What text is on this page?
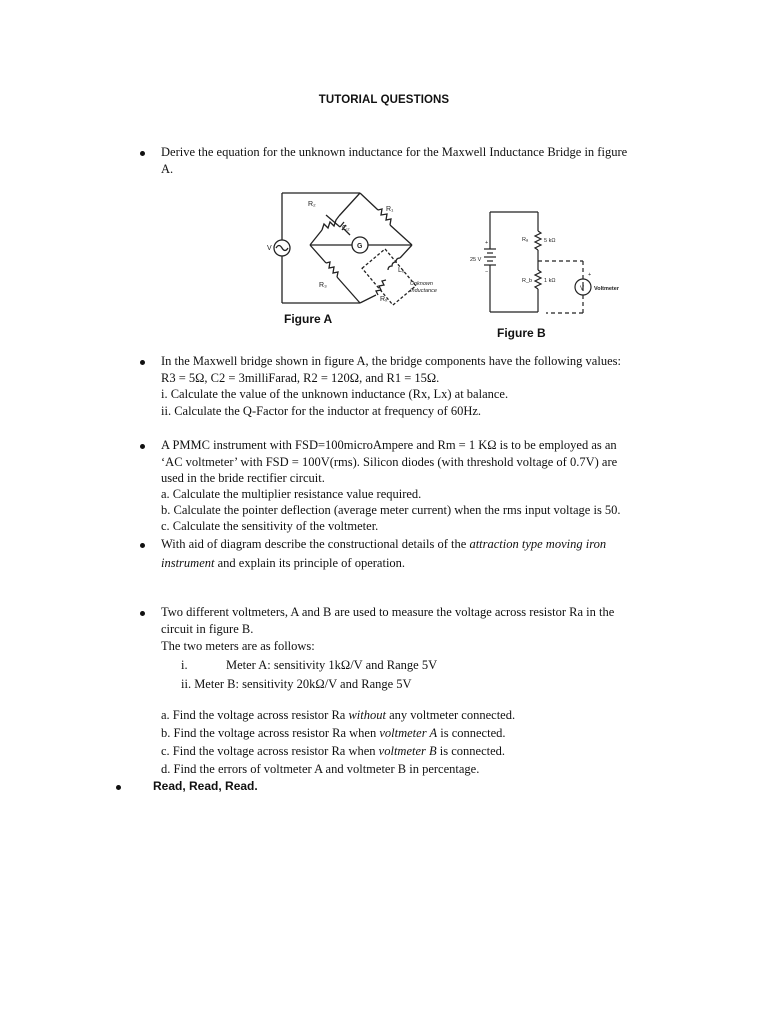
TUTORIAL QUESTIONS
Derive the equation for the unknown inductance for the Maxwell Inductance Bridge in figure
A.
R₂
R₁
C₂
G
V
R₃
Lₓ
Rₓ
Unknown
Inductance
Figure A
+
25 V
−
Rₐ	5 kΩ
R_b 1 kΩ
+
V Voltmeter
Figure B
In the Maxwell bridge shown in figure A, the bridge components have the following values:
R3 = 5Ω, C2 = 3milliFarad, R2 = 120Ω, and R1 = 15Ω.
i. Calculate the value of the unknown inductance (Rx, Lx) at balance.
ii. Calculate the Q-Factor for the inductor at frequency of 60Hz.
A PMMC instrument with FSD=100microAmpere and Rm = 1 KΩ is to be employed as an
‘AC voltmeter’ with FSD = 100V(rms). Silicon diodes (with threshold voltage of 0.7V) are
used in the bride rectifier circuit.
a. Calculate the multiplier resistance value required.
b. Calculate the pointer deflection (average meter current) when the rms input voltage is 50.
c. Calculate the sensitivity of the voltmeter.
With aid of diagram describe the constructional details of the attraction type moving iron
instrument and explain its principle of operation.
Two different voltmeters, A and B are used to measure the voltage across resistor Ra in the
circuit in figure B.
The two meters are as follows:
i.	Meter A: sensitivity 1kΩ/V and Range 5V
ii. Meter B: sensitivity 20kΩ/V and Range 5V
a. Find the voltage across resistor Ra without any voltmeter connected.
b. Find the voltage across resistor Ra when voltmeter A is connected.
c. Find the voltage across resistor Ra when voltmeter B is connected.
d. Find the errors of voltmeter A and voltmeter B in percentage.
Read, Read, Read.
